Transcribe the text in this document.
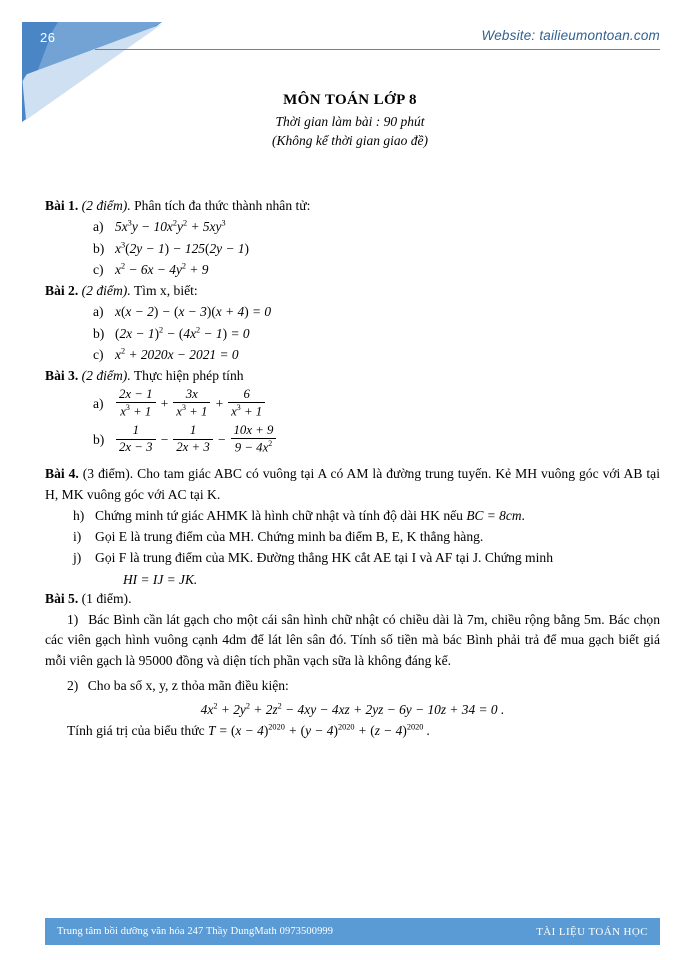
26	Website: tailieumontoan.com
MÔN TOÁN LỚP 8
Thời gian làm bài : 90 phút
(Không kể thời gian giao đề)

Bài 1. (2 điểm). Phân tích đa thức thành nhân tử:

a) $5x^3y - 10x^2y^2 + 5xy^3$
b) $x^3(2y - 1) - 125(2y - 1)$
c) $x^2 - 6x - 4y^2 + 9$

Bài 2. (2 điểm). Tìm x, biết:

a) x(x − 2) − (x − 3)(x + 4) = 0
b) $(2x - 1)^2 - (4x^2 - 1) = 0$
c) $x^2 + 2020x - 2021 = 0$

Bài 3. (2 điểm). Thực hiện phép tính

$a) \frac{2x - 1}{x^3 + 1} + \frac{3x}{x^3 + 1} + \frac{6}{x^3 + 1}$
$b) \frac{1}{2x - 3} - \frac{1}{2x + 3} - \frac{10x + 9}{9 - 4x^2}$

Bài 4. (3 điểm). Cho tam giác ABC có vuông tại A có AM là đường trung tuyến. Kẻ MH vuông góc với AB tại H, MK vuông góc với AC tại K.

h) Chứng minh tứ giác AHMK là hình chữ nhật và tính độ dài HK nếu BC = 8cm.
i)	Gọi E là trung điểm của MH. Chứng minh ba điểm B, E, K thẳng hàng.
j)	Gọi F là trung điểm của MK. Đường thẳng HK cắt AE tại I và AF tại J. Chứng minh

HI = IJ = JK.

Bài 5. (1 điểm).

1) Bác Bình cần lát gạch cho một cái sân hình chữ nhật có chiều dài là 7m, chiều rộng bằng 5m. Bác chọn các viên gạch hình vuông cạnh 4dm để lát lên sân đó. Tính số tiền mà bác Bình phải trả để mua gạch biết giá mỗi viên gạch là 95000 đồng và diện tích phần vạch sữa là không đáng kể.

2) Cho ba số x, y, z thỏa mãn điều kiện:

$4x^2 + 2y^2 + 2z^2 - 4xy - 4xz + 2yz - 6y - 10z + 34 = 0$ .

Tính giá trị của biểu thức $T = (x - 4)^{2020} + (y - 4)^{2020} + (z - 4)^{2020}$ .

Trung tâm bồi dưỡng văn hóa 247 Thầy DungMath 0973500999	TÀI LIỆU TOÁN HỌC
